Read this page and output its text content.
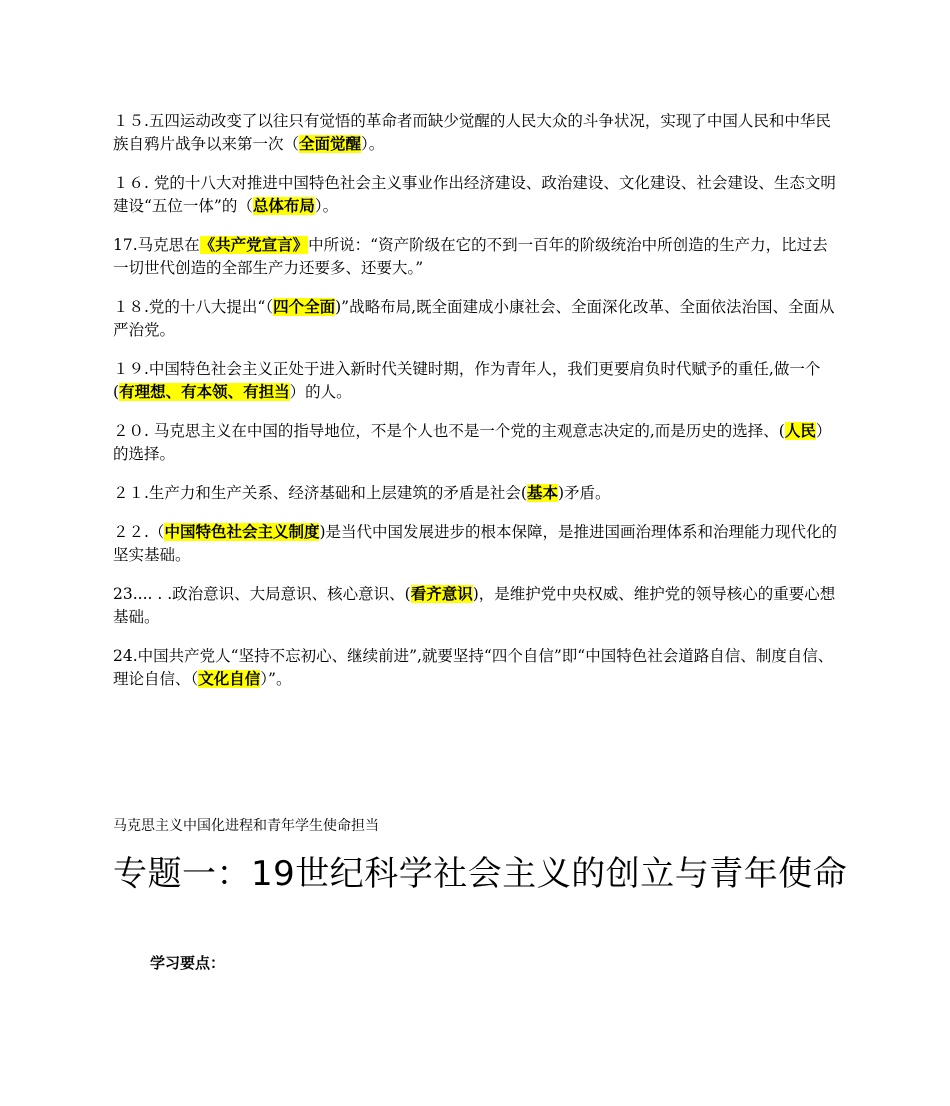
１５.五四运动改变了以往只有觉悟的革命者而缺少觉醒的人民大众的斗争状况，实现了中国人民和中华民族自鸦片战争以来第一次（全面觉醒）。

１６. 党的十八大对推进中国特色社会主义事业作出经济建设、政治建设、文化建设、社会建设、生态文明建设“五位一体”的（总体布局）。

17.马克思在《共产党宣言》中所说：“资产阶级在它的不到一百年的阶级统治中所创造的生产力，比过去一切世代创造的全部生产力还要多、还要大。”

１８.党的十八大提出“（四个全面)”战略布局,既全面建成小康社会、全面深化改革、全面依法治国、全面从严治党。

１９.中国特色社会主义正处于进入新时代关键时期，作为青年人，我们更要肩负时代赋予的重任,做一个(有理想、有本领、有担当）的人。

２０. 马克思主义在中国的指导地位，不是个人也不是一个党的主观意志决定的,而是历史的选择、(人民）的选择。

２１.生产力和生产关系、经济基础和上层建筑的矛盾是社会(基本)矛盾。

２２.（中国特色社会主义制度)是当代中国发展进步的根本保障，是推进国画治理体系和治理能力现代化的坚实基础。

23.... . .政治意识、大局意识、核心意识、(看齐意识)，是维护党中央权威、维护党的领导核心的重要心想基础。

24.中国共产党人“坚持不忘初心、继续前进”,就要坚持“四个自信”即“中国特色社会道路自信、制度自信、理论自信、（文化自信）”。

马克思主义中国化进程和青年学生使命担当
专题一：19世纪科学社会主义的创立与青年使命
学习要点：
